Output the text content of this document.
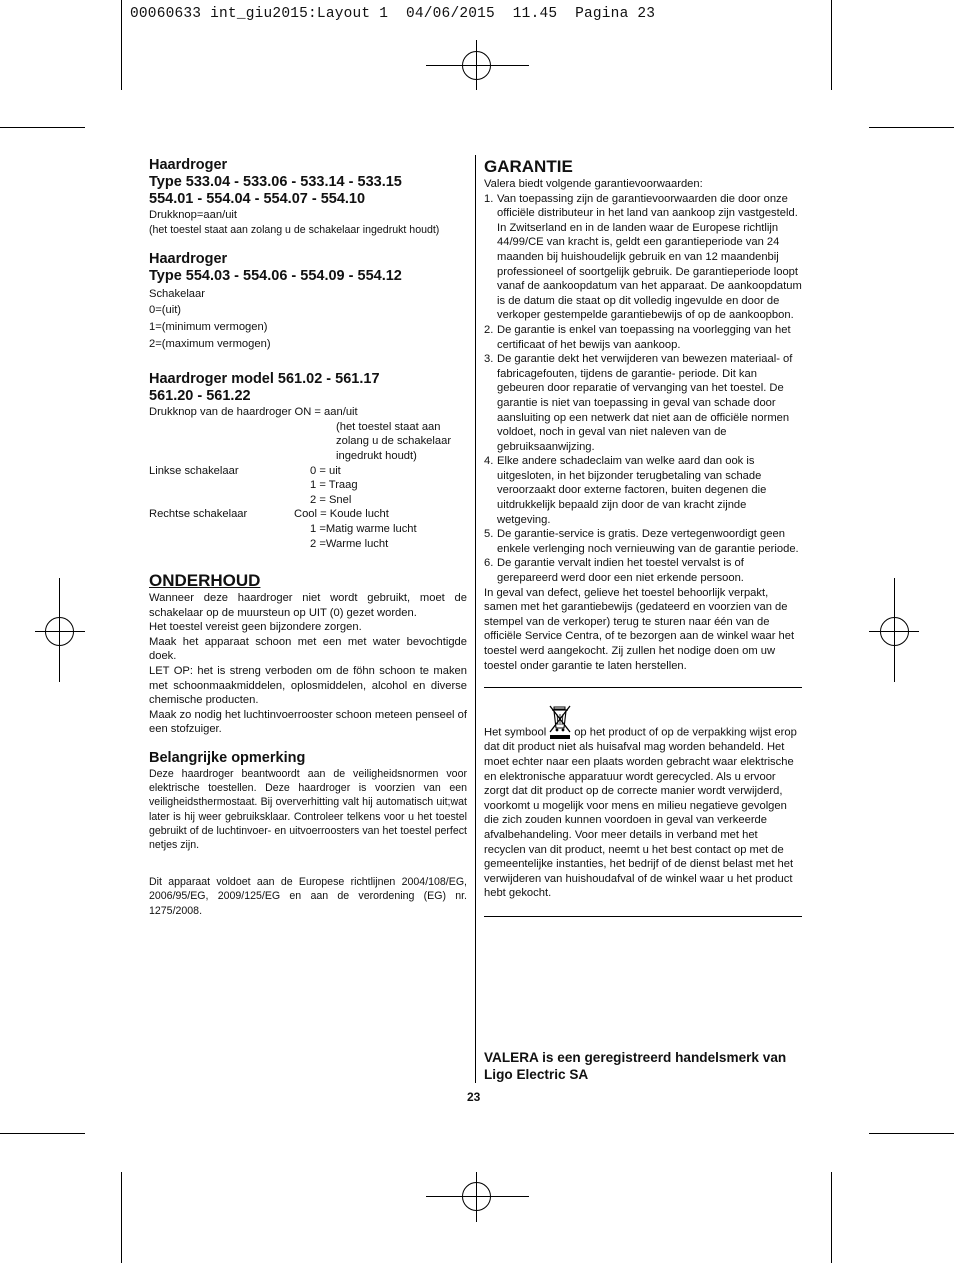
00060633 int_giu2015:Layout 1  04/06/2015  11.45  Pagina 23
Haardroger
Type 533.04 - 533.06 - 533.14 - 533.15
554.01 - 554.04 - 554.07 - 554.10
Drukknop=aan/uit
(het toestel staat aan zolang u de schakelaar ingedrukt houdt)
Haardroger
Type 554.03 - 554.06 - 554.09 - 554.12
Schakelaar
0=(uit)
1=(minimum vermogen)
2=(maximum vermogen)
Haardroger model 561.02 - 561.17
561.20 - 561.22
Drukknop van de haardroger ON = aan/uit
(het toestel staat aan
zolang u de schakelaar
ingedrukt houdt)
Linkse schakelaar	0 = uit
1 = Traag
2 = Snel
Rechtse schakelaar	Cool = Koude lucht
1 =Matig warme lucht
2 =Warme lucht
ONDERHOUD

Wanneer deze haardroger niet wordt gebruikt, moet de schakelaar op de muursteun op UIT (0) gezet worden.

Het toestel vereist geen bijzondere zorgen.

Maak het apparaat schoon met een met water bevochtigde doek.

LET OP: het is streng verboden om de föhn schoon te maken met schoonmaakmiddelen, oplosmiddelen, alcohol en diverse chemische producten.

Maak zo nodig het luchtinvoerrooster schoon meteen penseel of een stofzuiger.

Belangrijke opmerking

Deze haardroger beantwoordt aan de veiligheidsnormen voor elektrische toestellen. Deze haardroger is voorzien van een veiligheidsthermostaat. Bij oververhitting valt hij automatisch uit;wat later is hij weer gebruiksklaar. Controleer telkens voor u het toestel gebruikt of de luchtinvoer- en uitvoerroosters van het toestel perfect netjes zijn.

Dit apparaat voldoet aan de Europese richtlijnen 2004/108/EG, 2006/95/EG, 2009/125/EG en aan de verordening (EG) nr. 1275/2008.

GARANTIE
Valera biedt volgende garantievoorwaarden:
1. Van toepassing zijn de garantievoorwaarden die door onze officiële distributeur in het land van aankoop zijn vastgesteld. In Zwitserland en in de landen waar de Europese richtlijn 44/99/CE van kracht is, geldt een garantieperiode van 24 maanden bij huishoudelijk gebruik en van 12 maandenbij professioneel of soortgelijk gebruik. De garantieperiode loopt vanaf de aankoopdatum van het apparaat. De aankoopdatum is de datum die staat op dit volledig ingevulde en door de verkoper gestempelde garantiebewijs of op de aankoopbon.
2. De garantie is enkel van toepassing na voorlegging van het certificaat of het bewijs van aankoop.
3. De garantie dekt het verwijderen van bewezen materiaal- of fabricagefouten, tijdens de garantie- periode. Dit kan gebeuren door reparatie of vervanging van het toestel. De garantie is niet van toepassing in geval van schade door aansluiting op een netwerk dat niet aan de officiële normen voldoet, noch in geval van niet naleven van de gebruiksaanwijzing.
4. Elke andere schadeclaim van welke aard dan ook is uitgesloten, in het bijzonder terugbetaling van schade veroorzaakt door externe factoren, buiten degenen die uitdrukkelijk bepaald zijn door de van kracht zijnde wetgeving.
5. De garantie-service is gratis. Deze vertegenwoordigt geen enkele verlenging noch vernieuwing van de garantie periode.
6. De garantie vervalt indien het toestel vervalst is of gerepareerd werd door een niet erkende persoon.

In geval van defect, gelieve het toestel behoorlijk verpakt, samen met het garantiebewijs (gedateerd en voorzien van de stempel van de verkoper) terug te sturen naar één van de officiële Service Centra, of te bezorgen aan de winkel waar het toestel werd aangekocht. Zij zullen het nodige doen om uw toestel onder garantie te laten herstellen.

Het symbool	op het product of op de verpakking wijst erop dat dit product niet als huisafval mag worden behandeld. Het moet echter naar een plaats worden gebracht waar elektrische en elektronische apparatuur wordt gerecycled. Als u ervoor zorgt dat dit product op de correcte manier wordt verwijderd, voorkomt u mogelijk voor mens en milieu negatieve gevolgen die zich zouden kunnen voordoen in geval van verkeerde afvalbehandeling. Voor meer details in verband met het recyclen van dit product, neemt u het best contact op met de gemeentelijke instanties, het bedrijf of de dienst belast met het verwijderen van huishoudafval of de winkel waar u het product hebt gekocht.
VALERA is een geregistreerd handelsmerk van Ligo Electric SA
23
